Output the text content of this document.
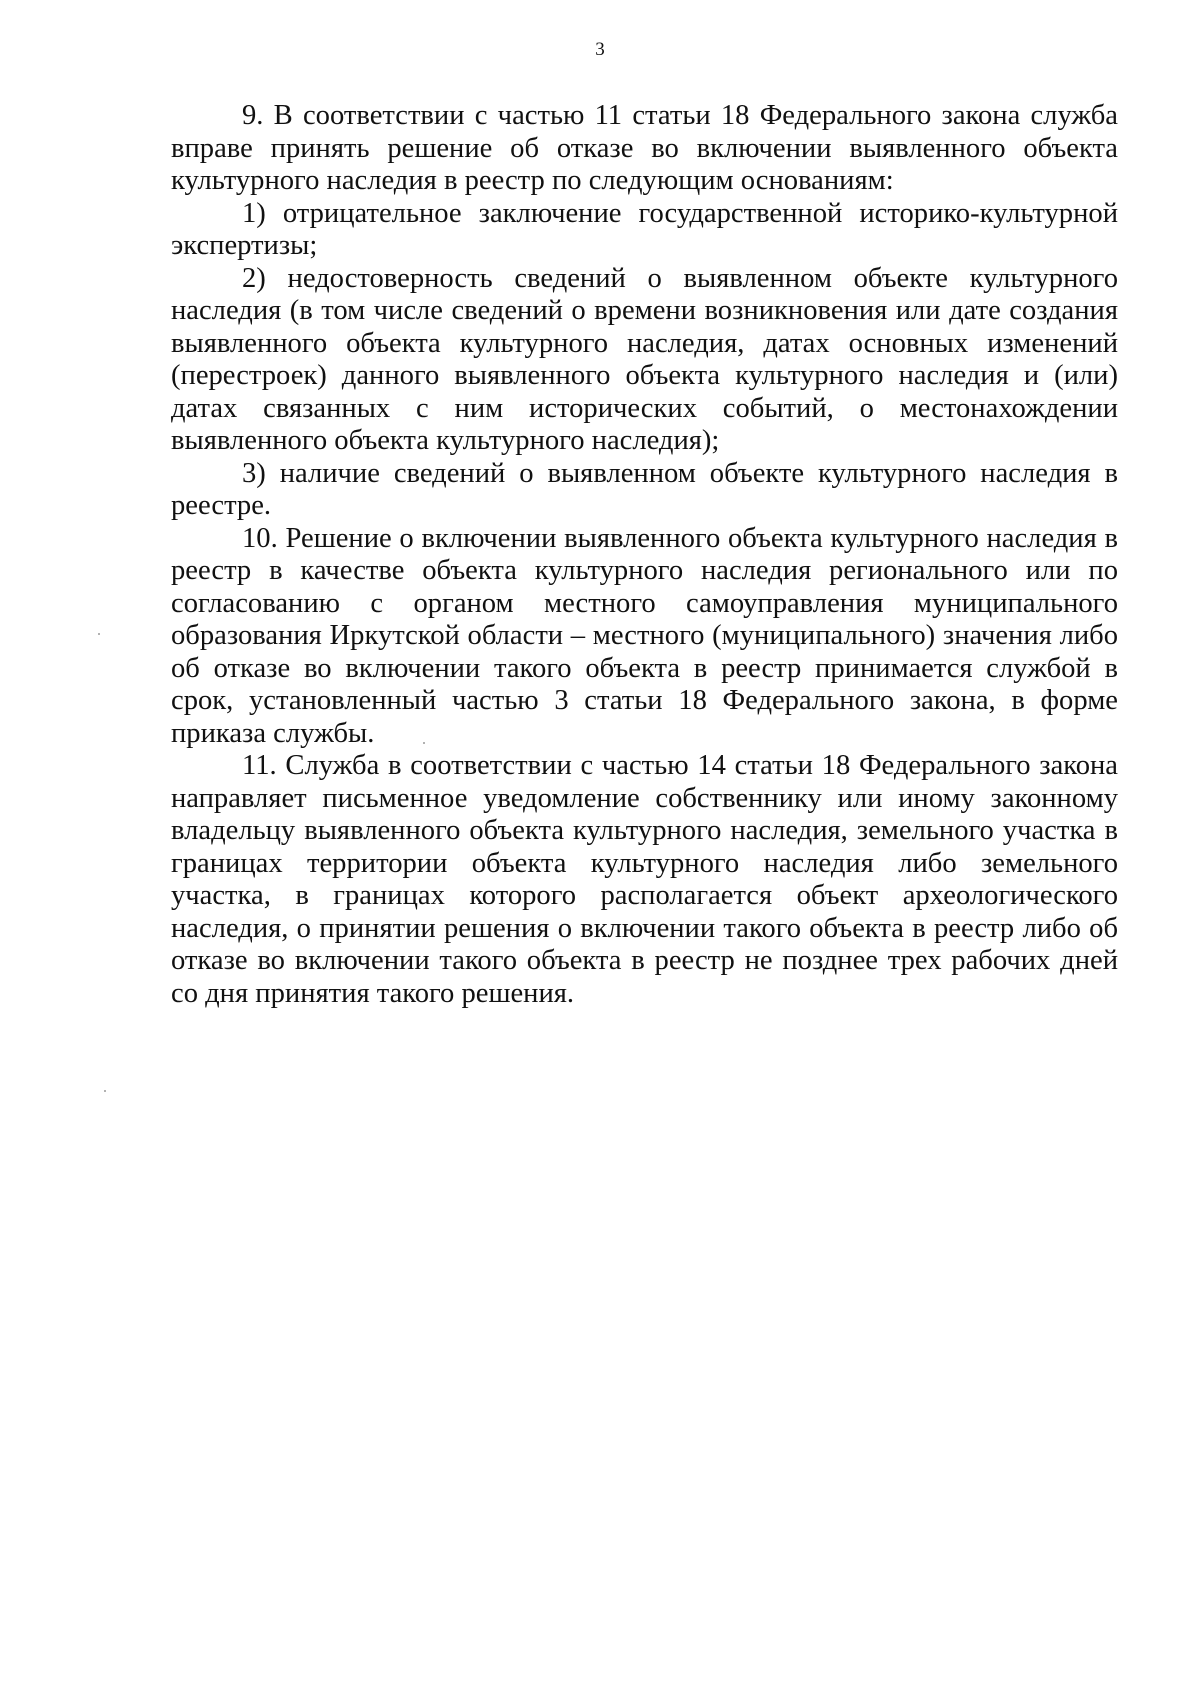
3

9. В соответствии с частью 11 статьи 18 Федерального закона служба вправе принять решение об отказе во включении выявленного объекта культурного наследия в реестр по следующим основаниям:

1) отрицательное заключение государственной историко-культурной экспертизы;

2) недостоверность сведений о выявленном объекте культурного наследия (в том числе сведений о времени возникновения или дате создания выявленного объекта культурного наследия, датах основных изменений (перестроек) данного выявленного объекта культурного наследия и (или) датах связанных с ним исторических событий, о местонахождении выявленного объекта культурного наследия);

3) наличие сведений о выявленном объекте культурного наследия в реестре.

10. Решение о включении выявленного объекта культурного наследия в реестр в качестве объекта культурного наследия регионального или по согласованию с органом местного самоуправления муниципального образования Иркутской области – местного (муниципального) значения либо об отказе во включении такого объекта в реестр принимается службой в срок, установленный частью 3 статьи 18 Федерального закона, в форме приказа службы.

11. Служба в соответствии с частью 14 статьи 18 Федерального закона направляет письменное уведомление собственнику или иному законному владельцу выявленного объекта культурного наследия, земельного участка в границах территории объекта культурного наследия либо земельного участка, в границах которого располагается объект археологического наследия, о принятии решения о включении такого объекта в реестр либо об отказе во включении такого объекта в реестр не позднее трех рабочих дней со дня принятия такого решения.
